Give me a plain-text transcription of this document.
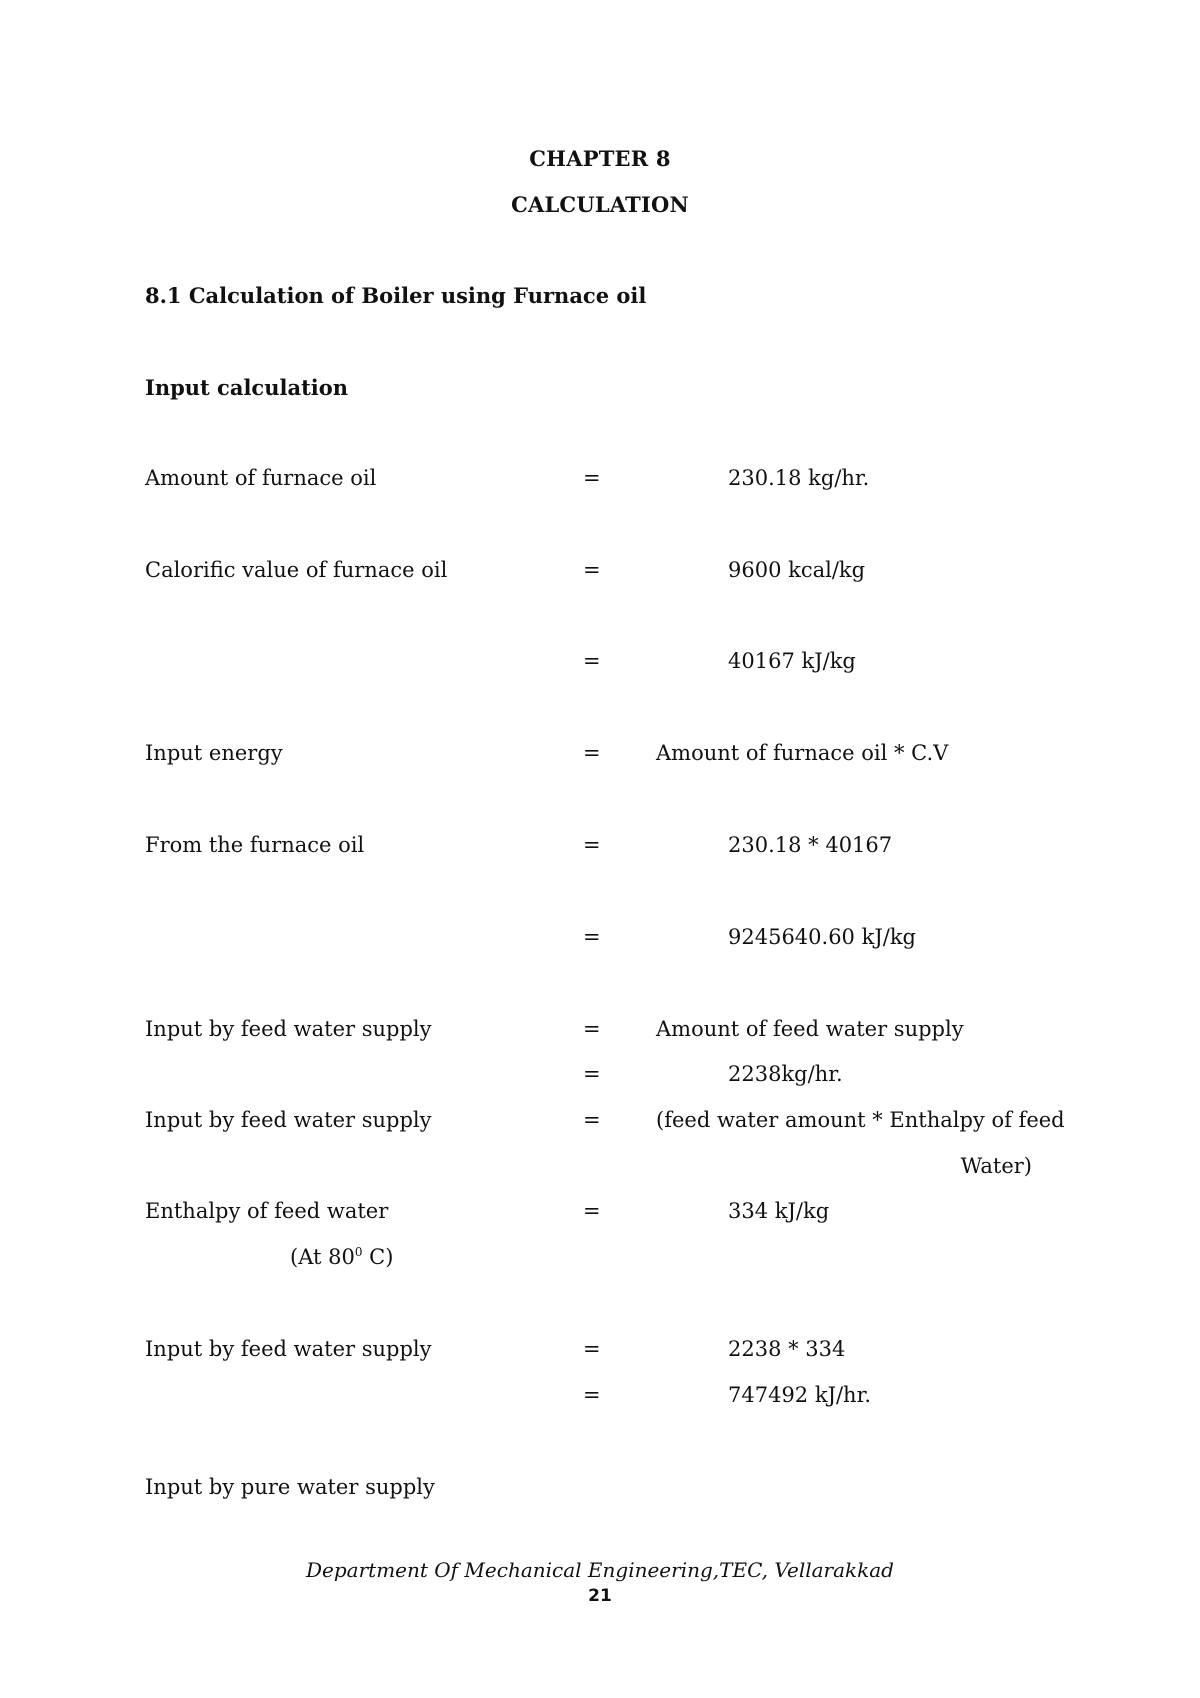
CHAPTER 8
CALCULATION
8.1 Calculation of Boiler using Furnace oil
Input calculation
Amount of furnace oil	=	230.18 kg/hr.
Calorific value of furnace oil	=	9600 kcal/kg
=	40167 kJ/kg
Input energy	=	Amount of furnace oil * C.V
From the furnace oil	=	230.18 * 40167
=	9245640.60 kJ/kg
Input by feed water supply	=	Amount of feed water supply
=	2238kg/hr.
Input by feed water supply	=	(feed water amount * Enthalpy of feed
Water)
Enthalpy of feed water	=	334 kJ/kg
(At $80^0$ C)
Input by feed water supply	=	2238 * 334
=	747492 kJ/hr.
Input by pure water supply
Department Of Mechanical Engineering,TEC, Vellarakkad
21
